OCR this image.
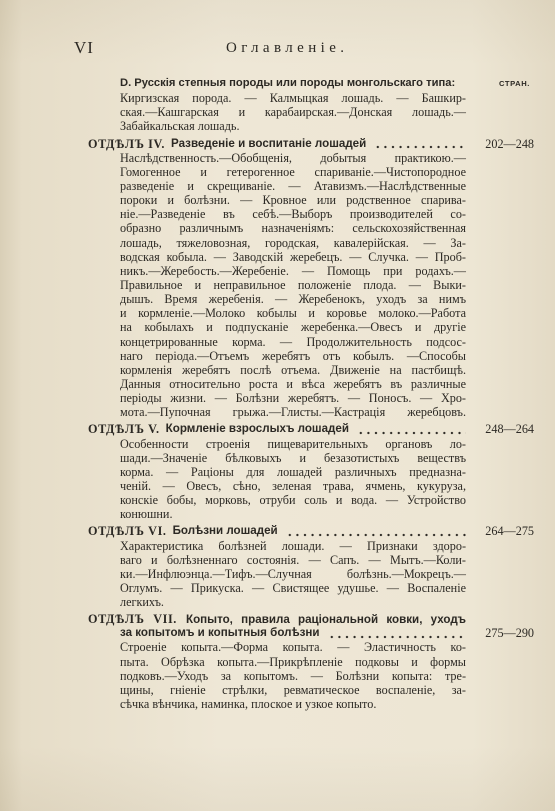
VI	Оглавленіе.
D. Русскія степныя породы или породы монгольскаго типа:	СТРАН.
Киргизская порода. — Калмыцкая лошадь. — Башкир-
ская.—Кашгарская и карабаирская.—Донская лошадь.—
Забайкальская лошадь.
ОТДѢЛЪ IV. Разведеніе и воспитаніе лошадей	202—248
Наслѣдственность.—Обобщенія, добытыя практикою.—
Гомогенное и гетерогенное спариваніе.—Чистопородное
разведеніе и скрещиваніе. — Атавизмъ.—Наслѣдственные
пороки и болѣзни. — Кровное или родственное спарива-
ніе.—Разведеніе въ себѣ.—Выборъ производителей со-
образно различнымъ назначеніямъ: сельскохозяйственная
лошадь, тяжеловозная, городская, кавалерійская. — За-
водская кобыла. — Заводскій жеребецъ. — Случка. — Проб-
никъ.—Жеребость.—Жеребеніе. — Помощь при родахъ.—
Правильное и неправильное положеніе плода. — Выки-
дышъ. Время жеребенія. — Жеребенокъ, уходъ за нимъ
и кормленіе.—Молоко кобылы и коровье молоко.—Работа
на кобылахъ и подпусканіе жеребенка.—Овесъ и другіе
концетрированные корма. — Продолжительность подсос-
наго періода.—Отъемъ жеребятъ отъ кобылъ. —Способы
кормленія жеребятъ послѣ отъема. Движеніе на пастбищѣ.
Данныя относительно роста и вѣса жеребятъ въ различные
періоды жизни. — Болѣзни жеребятъ. — Поносъ. — Хро-
мота.—Пупочная грыжа.—Глисты.—Кастрація жеребцовъ.
ОТДѢЛЪ V. Кормленіе взрослыхъ лошадей	248—264
Особенности строенія пищеварительныхъ органовъ ло-
шади.—Значеніе бѣлковыхъ и безазотистыхъ веществъ
корма. — Раціоны для лошадей различныхъ предназна-
ченій. — Овесъ, сѣно, зеленая трава, ячмень, кукуруза,
конскіе бобы, морковь, отруби соль и вода. — Устройство
конюшни.
ОТДѢЛЪ VI. Болѣзни лошадей	264—275
Характеристика болѣзней лошади. — Признаки здоро-
ваго и болѣзненнаго состоянія. — Сапъ. — Мытъ.—Коли-
ки.—Инфлюэнца.—Тифъ.—Случная болѣзнь.—Мокрецъ.—
Оглумъ. — Прикуска. — Свистящее удушье. — Воспаленіе
легкихъ.
ОТДѢЛЪ VII. Копыто, правила раціональной ковки, уходъ
за копытомъ и копытныя болѣзни	275—290
Строеніе копыта.—Форма копыта. — Эластичность ко-
пыта. Обрѣзка копыта.—Прикрѣпленіе подковы и формы
подковъ.—Уходъ за копытомъ. — Болѣзни копыта: тре-
щины, гніеніе стрѣлки, ревматическое воспаленіе, за-
сѣчка вѣнчика, наминка, плоское и узкое копыто.
